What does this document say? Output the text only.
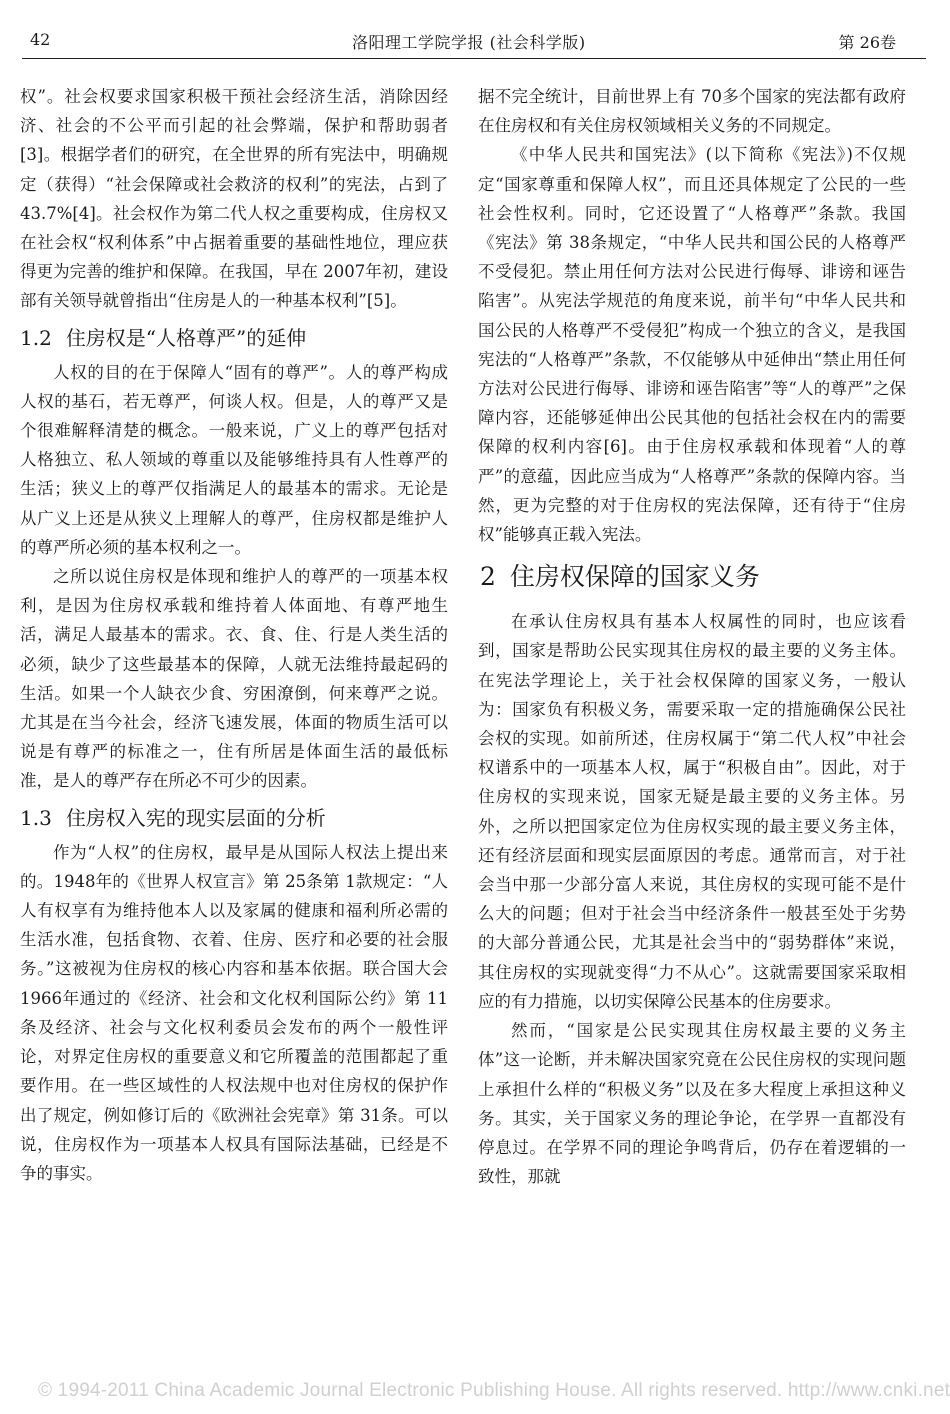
42	洛阳理工学院学报 (社会科学版)	第 26卷

权”。社会权要求国家积极干预社会经济生活，消除因经济、社会的不公平而引起的社会弊端，保护和帮助弱者[3]。根据学者们的研究，在全世界的所有宪法中，明确规定（获得）“社会保障或社会救济的权利”的宪法，占到了 43.7%[4]。社会权作为第二代人权之重要构成，住房权又在社会权“权利体系”中占据着重要的基础性地位，理应获得更为完善的维护和保障。在我国，早在 2007年初，建设部有关领导就曾指出“住房是人的一种基本权利”[5]。

1.2 住房权是“人格尊严”的延伸

人权的目的在于保障人“固有的尊严”。人的尊严构成人权的基石，若无尊严，何谈人权。但是，人的尊严又是个很难解释清楚的概念。一般来说，广义上的尊严包括对人格独立、私人领域的尊重以及能够维持具有人性尊严的生活；狭义上的尊严仅指满足人的最基本的需求。无论是从广义上还是从狭义上理解人的尊严，住房权都是维护人的尊严所必须的基本权利之一。

之所以说住房权是体现和维护人的尊严的一项基本权利，是因为住房权承载和维持着人体面地、有尊严地生活，满足人最基本的需求。衣、食、住、行是人类生活的必须，缺少了这些最基本的保障，人就无法维持最起码的生活。如果一个人缺衣少食、穷困潦倒，何来尊严之说。尤其是在当今社会，经济飞速发展，体面的物质生活可以说是有尊严的标准之一，住有所居是体面生活的最低标准，是人的尊严存在所必不可少的因素。

1.3 住房权入宪的现实层面的分析

作为“人权”的住房权，最早是从国际人权法上提出来的。1948年的《世界人权宣言》第 25条第 1款规定：“人人有权享有为维持他本人以及家属的健康和福利所必需的生活水准，包括食物、衣着、住房、医疗和必要的社会服务。”这被视为住房权的核心内容和基本依据。联合国大会 1966年通过的《经济、社会和文化权利国际公约》第 11条及经济、社会与文化权利委员会发布的两个一般性评论，对界定住房权的重要意义和它所覆盖的范围都起了重要作用。在一些区域性的人权法规中也对住房权的保护作出了规定，例如修订后的《欧洲社会宪章》第 31条。可以说，住房权作为一项基本人权具有国际法基础，已经是不争的事实。

据不完全统计，目前世界上有 70多个国家的宪法都有政府在住房权和有关住房权领域相关义务的不同规定。

《中华人民共和国宪法》(以下简称《宪法》)不仅规定“国家尊重和保障人权”，而且还具体规定了公民的一些社会性权利。同时，它还设置了“人格尊严”条款。我国《宪法》第 38条规定，“中华人民共和国公民的人格尊严不受侵犯。禁止用任何方法对公民进行侮辱、诽谤和诬告陷害”。从宪法学规范的角度来说，前半句“中华人民共和国公民的人格尊严不受侵犯”构成一个独立的含义，是我国宪法的“人格尊严”条款，不仅能够从中延伸出“禁止用任何方法对公民进行侮辱、诽谤和诬告陷害”等“人的尊严”之保障内容，还能够延伸出公民其他的包括社会权在内的需要保障的权利内容[6]。由于住房权承载和体现着“人的尊严”的意蕴，因此应当成为“人格尊严”条款的保障内容。当然，更为完整的对于住房权的宪法保障，还有待于“住房权”能够真正载入宪法。

2 住房权保障的国家义务

在承认住房权具有基本人权属性的同时，也应该看到，国家是帮助公民实现其住房权的最主要的义务主体。在宪法学理论上，关于社会权保障的国家义务，一般认为：国家负有积极义务，需要采取一定的措施确保公民社会权的实现。如前所述，住房权属于“第二代人权”中社会权谱系中的一项基本人权，属于“积极自由”。因此，对于住房权的实现来说，国家无疑是最主要的义务主体。另外，之所以把国家定位为住房权实现的最主要义务主体，还有经济层面和现实层面原因的考虑。通常而言，对于社会当中那一少部分富人来说，其住房权的实现可能不是什么大的问题；但对于社会当中经济条件一般甚至处于劣势的大部分普通公民，尤其是社会当中的“弱势群体”来说，其住房权的实现就变得“力不从心”。这就需要国家采取相应的有力措施，以切实保障公民基本的住房要求。

然而，“国家是公民实现其住房权最主要的义务主体”这一论断，并未解决国家究竟在公民住房权的实现问题上承担什么样的“积极义务”以及在多大程度上承担这种义务。其实，关于国家义务的理论争论，在学界一直都没有停息过。在学界不同的理论争鸣背后，仍存在着逻辑的一致性，那就

© 1994-2011 China Academic Journal Electronic Publishing House. All rights reserved. http://www.cnki.net
